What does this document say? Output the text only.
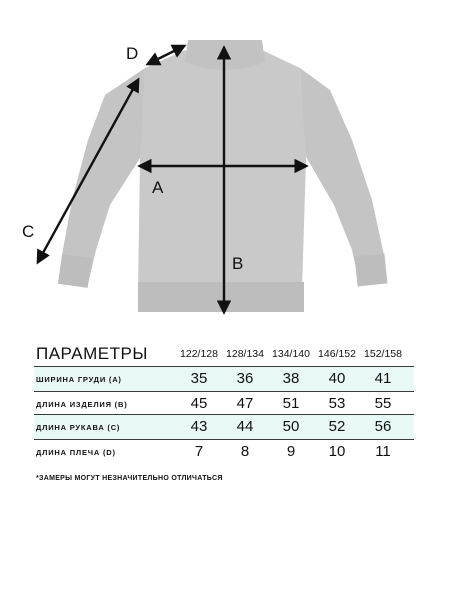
A
B
C
D
ПАРАМЕТРЫ	122/128 128/134 134/140 146/152 152/158
ШИРИНА ГРУДИ (А)	35	36	38	40	41
ДЛИНА ИЗДЕЛИЯ (В)	45	47	51	53	55
ДЛИНА РУКАВА (С)	43	44	50	52	56
ДЛИНА ПЛЕЧА (D)	7	8	9	10	11
*ЗАМЕРЫ МОГУТ НЕЗНАЧИТЕЛЬНО ОТЛИЧАТЬСЯ
